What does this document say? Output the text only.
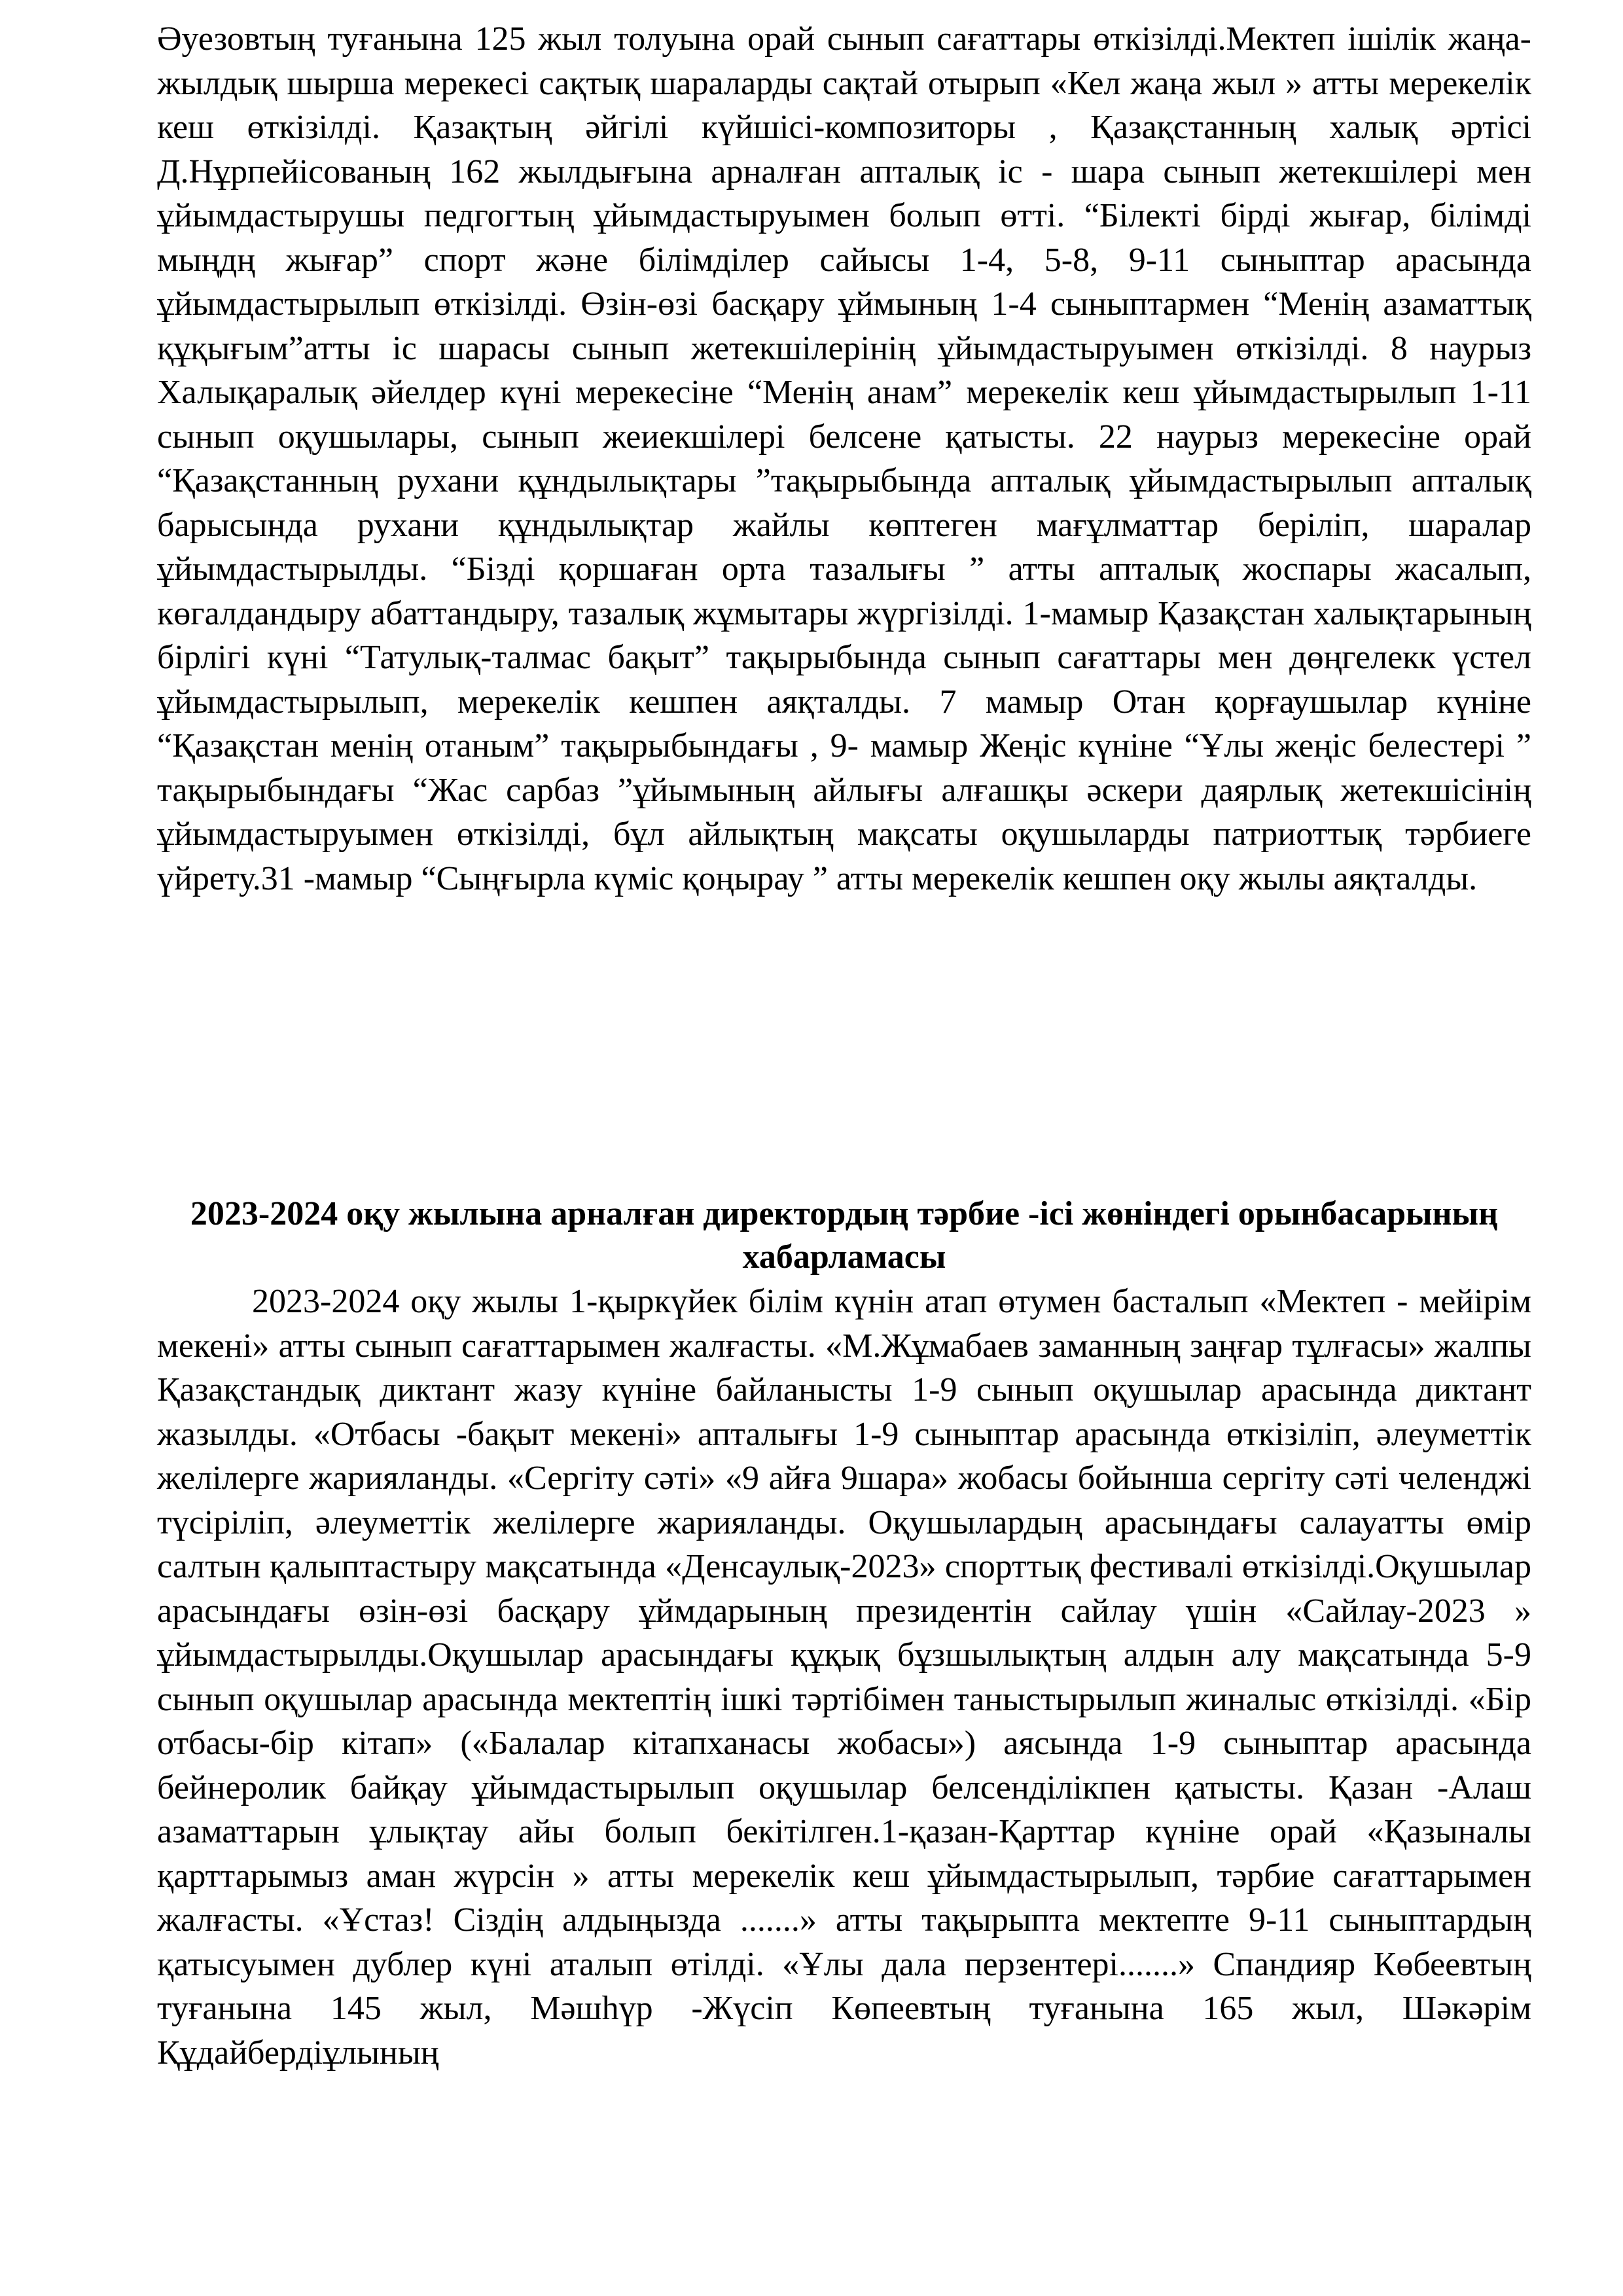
Әуезовтың туғанына 125 жыл толуына орай сынып сағаттары өткізілді.Мектеп ішілік жаңа-жылдық шырша мерекесі сақтық шараларды сақтай отырып «Кел жаңа жыл » атты мерекелік кеш өткізілді. Қазақтың әйгілі күйшісі-композиторы , Қазақстанның халық әртісі Д.Нұрпейісованың 162 жылдығына арналған апталық іс - шара сынып жетекшілері мен ұйымдастырушы педгогтың ұйымдастыруымен болып өтті. “Білекті бірді жығар, білімді мыңдң жығар” спорт және білімділер сайысы 1-4, 5-8, 9-11 сыныптар арасында ұйымдастырылып өткізілді. Өзін-өзі басқару ұймының 1-4 сыныптармен “Менің азаматтық құқығым”атты іс шарасы сынып жетекшілерінің ұйымдастыруымен өткізілді. 8 наурыз Халықаралық әйелдер күні мерекесіне “Менің анам” мерекелік кеш ұйымдастырылып 1-11 сынып оқушылары, сынып жеиекшілері белсене қатысты. 22 наурыз мерекесіне орай “Қазақстанның рухани құндылықтары ”тақырыбында апталық ұйымдастырылып апталық барысында рухани құндылықтар жайлы көптеген мағұлматтар беріліп, шаралар ұйымдастырылды. “Бізді қоршаған орта тазалығы ” атты апталық жоспары жасалып, көгалдандыру абаттандыру, тазалық жұмытары жүргізілді. 1-мамыр Қазақстан халықтарының бірлігі күні “Татулық-талмас бақыт” тақырыбында сынып сағаттары мен дөңгелекк үстел ұйымдастырылып, мерекелік кешпен аяқталды. 7 мамыр Отан қорғаушылар күніне “Қазақстан менің отаным” тақырыбындағы , 9- мамыр Жеңіс күніне “Ұлы жеңіс белестері ” тақырыбындағы “Жас сарбаз ”ұйымының айлығы алғашқы әскери даярлық жетекшісінің ұйымдастыруымен өткізілді, бұл айлықтың мақсаты оқушыларды патриоттық тәрбиеге үйрету.31 -мамыр “Сыңғырла күміс қоңырау ” атты мерекелік кешпен оқу жылы аяқталды.

2023-2024 оқу жылына арналған директордың тәрбие -ісі жөніндегі орынбасарының хабарламасы

2023-2024 оқу жылы 1-қыркүйек білім күнін атап өтумен басталып «Мектеп - мейірім мекені» атты сынып сағаттарымен жалғасты. «М.Жұмабаев заманның заңғар тұлғасы» жалпы Қазақстандық диктант жазу күніне байланысты 1-9 сынып оқушылар арасында диктант жазылды. «Отбасы -бақыт мекені» апталығы 1-9 сыныптар арасында өткізіліп, әлеуметтік желілерге жарияланды. «Сергіту сәті» «9 айға 9шара» жобасы бойынша сергіту сәті челенджі түсіріліп, әлеуметтік желілерге жарияланды. Оқушылардың арасындағы салауатты өмір салтын қалыптастыру мақсатында «Денсаулық-2023» спорттық фестивалі өткізілді.Оқушылар арасындағы өзін-өзі басқару ұймдарының президентін сайлау үшін «Сайлау-2023 » ұйымдастырылды.Оқушылар арасындағы құқық бұзшылықтың алдын алу мақсатында 5-9 сынып оқушылар арасында мектептің ішкі тәртібімен таныстырылып жиналыс өткізілді. «Бір отбасы-бір кітап» («Балалар кітапханасы жобасы») аясында 1-9 сыныптар арасында бейнеролик байқау ұйымдастырылып оқушылар белсенділікпен қатысты. Қазан -Алаш азаматтарын ұлықтау айы болып бекітілген.1-қазан-Қарттар күніне орай «Қазыналы қарттарымыз аман жүрсін » атты мерекелік кеш ұйымдастырылып, тәрбие сағаттарымен жалғасты. «Ұстаз! Сіздің алдыңызда .......» атты тақырыпта мектепте 9-11 сыныптардың қатысуымен дублер күні аталып өтілді. «Ұлы дала перзентері.......» Спандияр Көбеевтың туғанына 145 жыл, Мәшһүр -Жүсіп Көпеевтың туғанына 165 жыл, Шәкәрім Құдайбердіұлының
